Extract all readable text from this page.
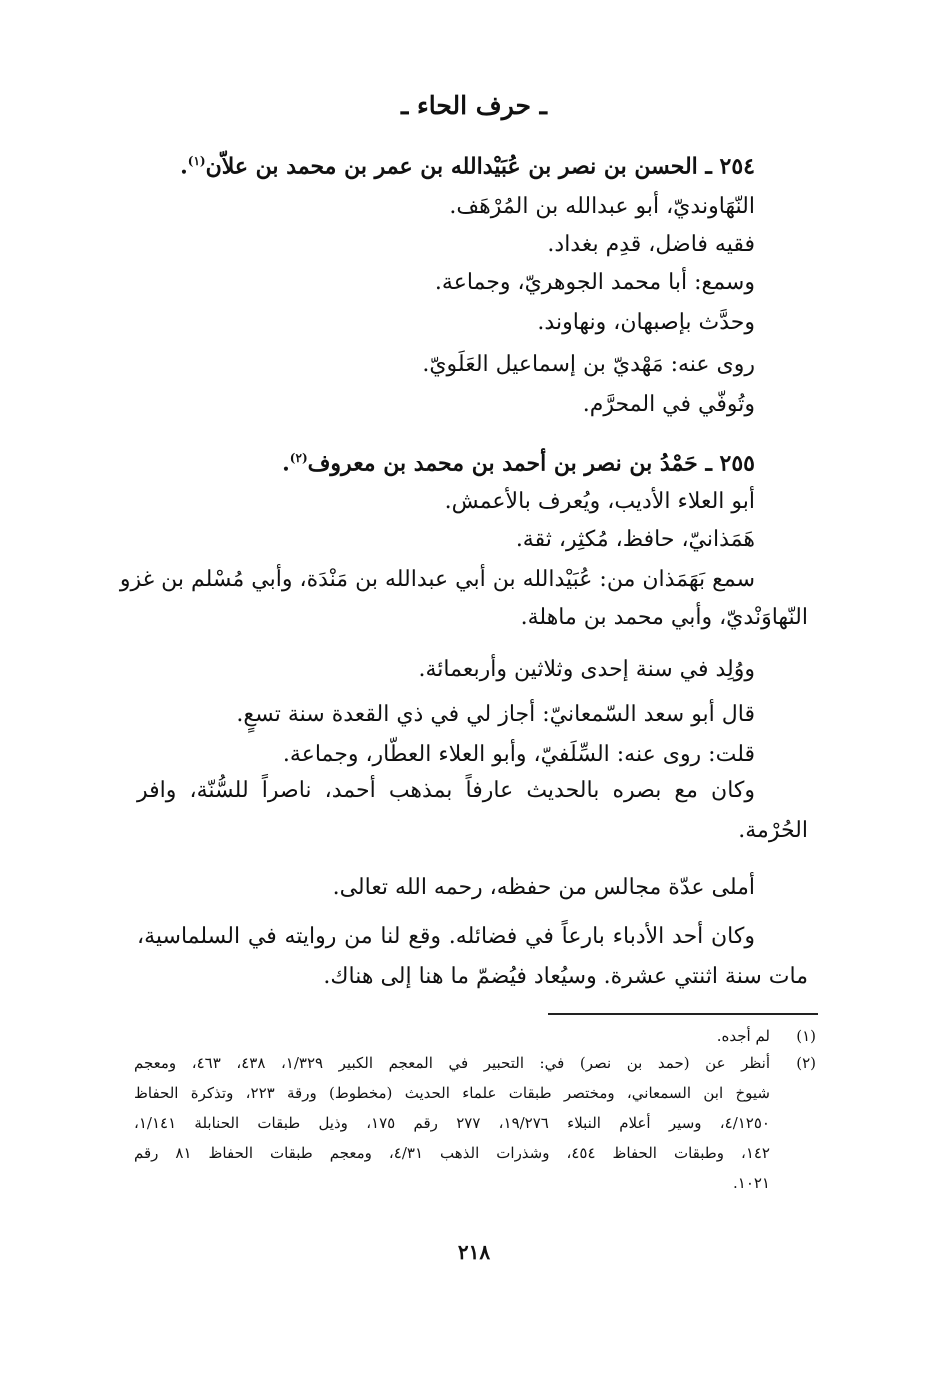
ـ حرف الحاء ـ
٢٥٤ ـ الحسن بن نصر بن عُبَيْدالله بن عمر بن محمد بن علاّن$^{(١)}$.
النّهَاونديّ، أبو عبدالله بن المُرْهَف.
فقيه فاضل، قدِم بغداد.
وسمع: أبا محمد الجوهريّ، وجماعة.
وحدَّث بإصبهان، ونهاوند.
روى عنه: مَهْديّ بن إسماعيل العَلَويّ.
وتُوفّي في المحرَّم.
٢٥٥ ـ حَمْدُ بن نصر بن أحمد بن محمد بن معروف$^{(٢)}$.
أبو العلاء الأديب، ويُعرف بالأعمش.
هَمَذانيّ، حافظ، مُكثِر، ثقة.
سمع بَهَمَذان من: عُبَيْدالله بن أبي عبدالله بن مَنْدَة، وأبي مُسْلم بن غزو
النّهاوَنْديّ، وأبي محمد بن ماهلة.
ووُلِد في سنة إحدى وثلاثين وأربعمائة.
قال أبو سعد السّمعانيّ: أجاز لي في ذي القعدة سنة تسعٍ.
قلت: روى عنه: السِّلَفيّ، وأبو العلاء العطّار، وجماعة.
وكان مع بصره بالحديث عارفاً بمذهب أحمد، ناصراً للسُّنّة، وافر
الحُرْمة.
أملى عدّة مجالس من حفظه، رحمه الله تعالى.
وكان أحد الأدباء بارعاً في فضائله. وقع لنا من روايته في السلماسية،
مات سنة اثنتي عشرة. وسيُعاد فيُضمّ ما هنا إلى هناك.
(١)
لم أجده.
(٢)
أنظر عن (حمد بن نصر) في: التحبير في المعجم الكبير ١/٣٢٩، ٤٣٨، ٤٦٣، ومعجم
شيوخ ابن السمعاني، ومختصر طبقات علماء الحديث (مخطوط) ورقة ٢٢٣، وتذكرة الحفاظ
٤/١٢٥٠، وسير أعلام النبلاء ١٩/٢٧٦، ٢٧٧ رقم ١٧٥، وذيل طبقات الحنابلة ١/١٤١،
١٤٢، وطبقات الحفاظ ٤٥٤، وشذرات الذهب ٤/٣١، ومعجم طبقات الحفاظ ٨١ رقم
١٠٢١.
٢١٨
